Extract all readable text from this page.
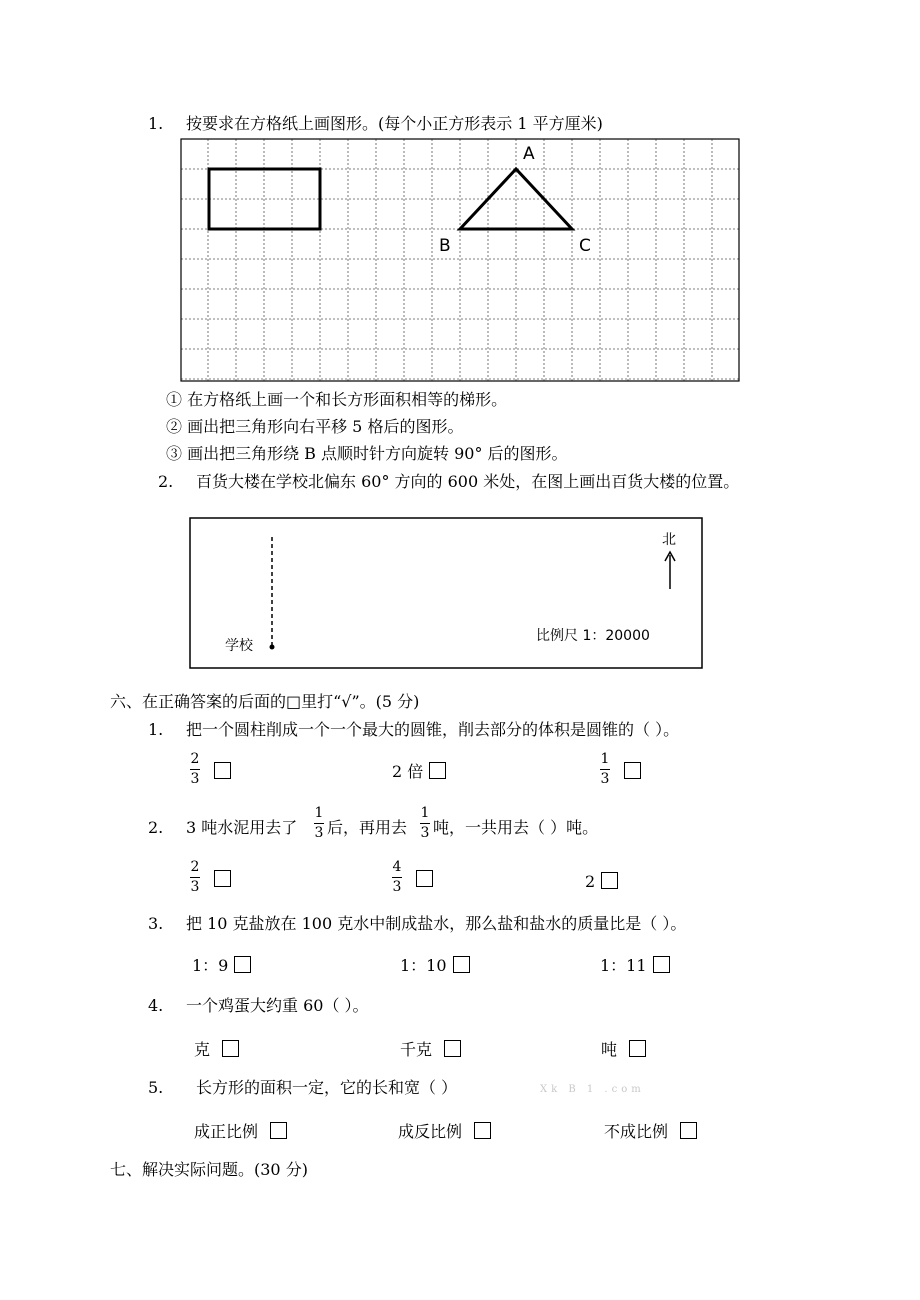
1. 按要求在方格纸上画图形。(每个小正方形表示 1 平方厘米)
A
B	C
① 在方格纸上画一个和长方形面积相等的梯形。
② 画出把三角形向右平移 5 格后的图形。
③ 画出把三角形绕 B 点顺时针方向旋转 90° 后的图形。
2. 百货大楼在学校北偏东 60° 方向的 600 米处，在图上画出百货大楼的位置。
北
学校
比例尺 1：20000
六、在正确答案的后面的□里打“√”。(5 分)
1. 把一个圆柱削成一个一个最大的圆锥，削去部分的体积是圆锥的（ ）。
2
3	2 倍
1
3
2. 3 吨水泥用去了
1
3 后，再用去
1
3 吨，一共用去（ ）吨。
2
3
4
3	2
3. 把 10 克盐放在 100 克水中制成盐水，那么盐和盐水的质量比是（ ）。
1：9	1：10	1：11
4. 一个鸡蛋大约重 60（ ）。
克	千克	吨
5. 长方形的面积一定，它的长和宽（ ）	Xk B 1 .com
成正比例	成反比例	不成比例
七、解决实际问题。(30 分)
